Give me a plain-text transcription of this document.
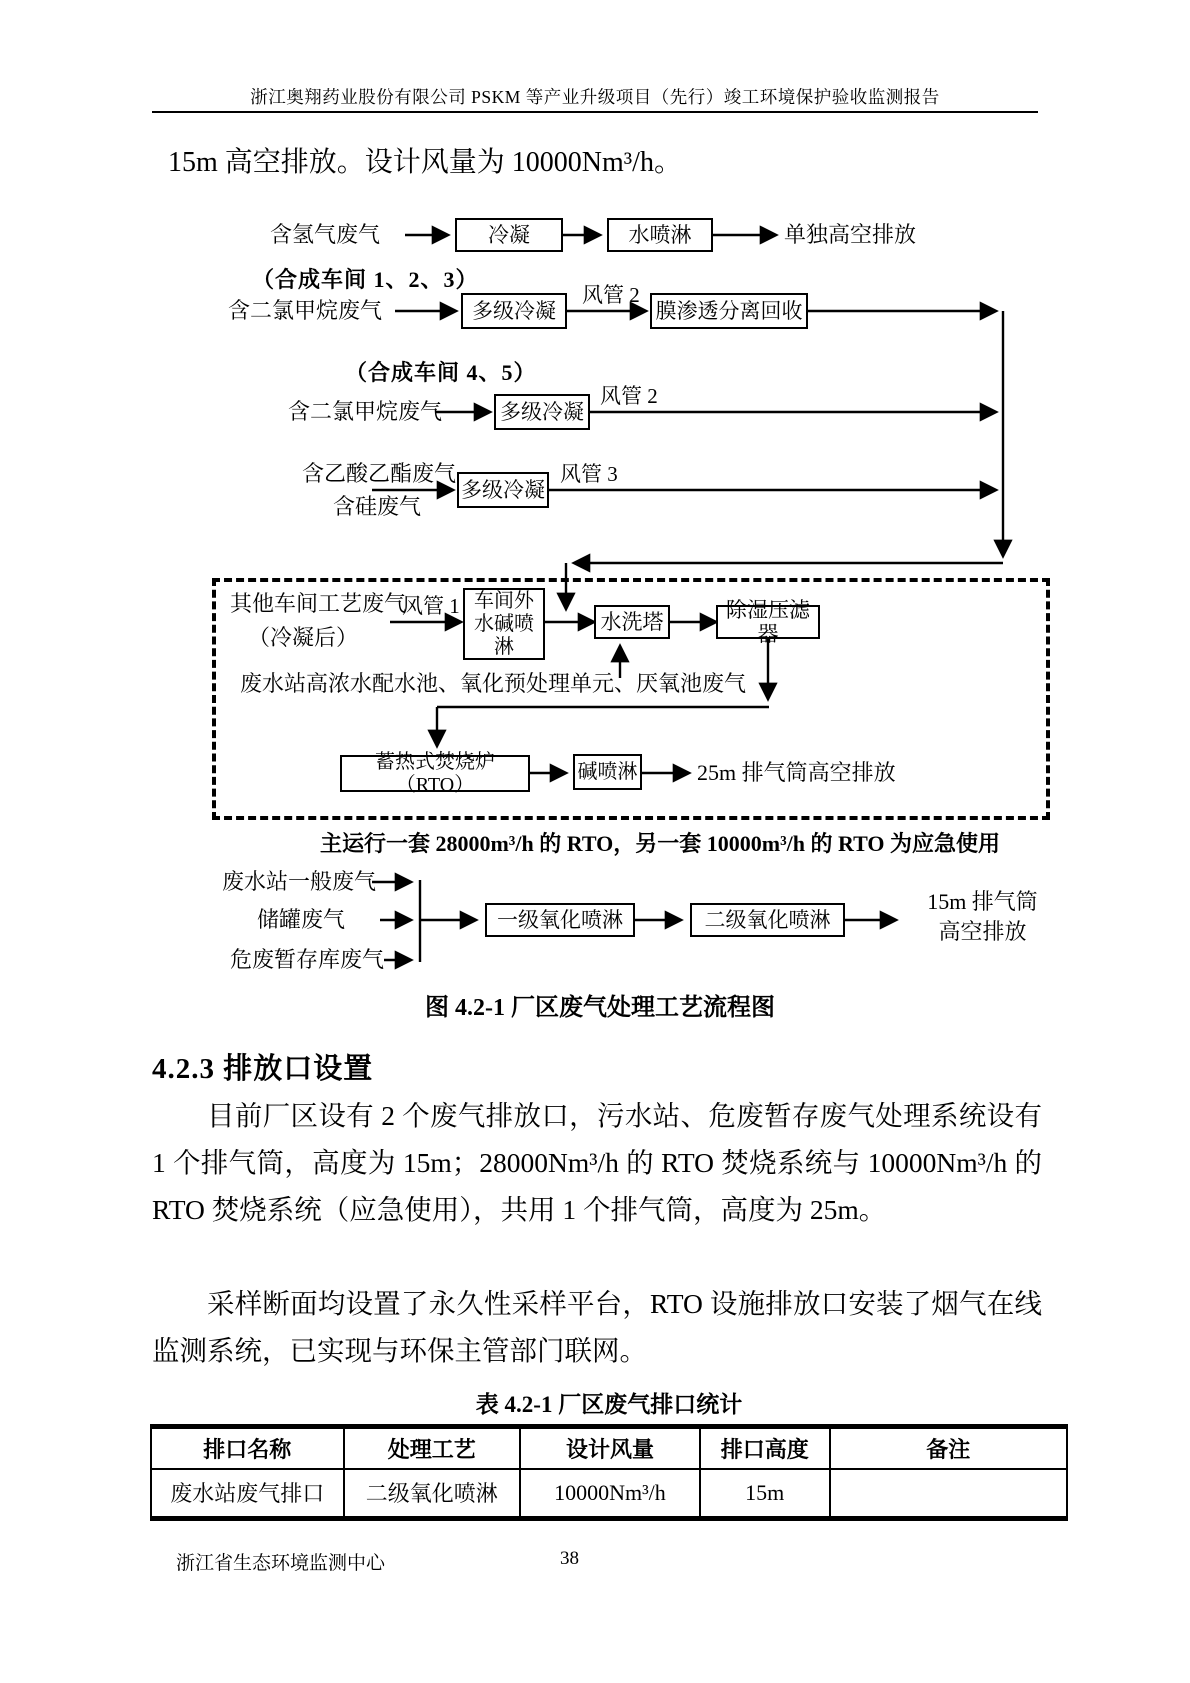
浙江奥翔药业股份有限公司 PSKM 等产业升级项目（先行）竣工环境保护验收监测报告
15m 高空排放。设计风量为 10000Nm³/h。
含氢气废气	冷凝	水喷淋	单独高空排放
（合成车间 1、2、3）
含二氯甲烷废气	多级冷凝
风管 2
膜渗透分离回收
（合成车间 4、5）
含二氯甲烷废气	多级冷凝
风管 2
含乙酸乙酯废气
含硅废气
多级冷凝
风管 3
其他车间工艺废气
（冷凝后）
风管 1 车间外
水碱喷淋
水洗塔
除湿压滤器
废水站高浓水配水池、氧化预处理单元、厌氧池废气
蓄热式焚烧炉（RTO）
碱喷淋	25m 排气筒高空排放
主运行一套 28000m³/h 的 RTO，另一套 10000m³/h 的 RTO 为应急使用
废水站一般废气
储罐废气
危废暂存库废气
一级氧化喷淋	二级氧化喷淋
15m 排气筒
高空排放
图 4.2-1 厂区废气处理工艺流程图
4.2.3 排放口设置
目前厂区设有 2 个废气排放口，污水站、危废暂存废气处理系统设有 1 个排气筒，高度为 15m；28000Nm³/h 的 RTO 焚烧系统与 10000Nm³/h 的 RTO 焚烧系统（应急使用），共用 1 个排气筒，高度为 25m。
采样断面均设置了永久性采样平台，RTO 设施排放口安装了烟气在线监测系统，已实现与环保主管部门联网。
表 4.2-1 厂区废气排口统计
排口名称	处理工艺	设计风量	排口高度	备注
废水站废气排口	二级氧化喷淋	10000Nm³/h	15m	
浙江省生态环境监测中心	38
